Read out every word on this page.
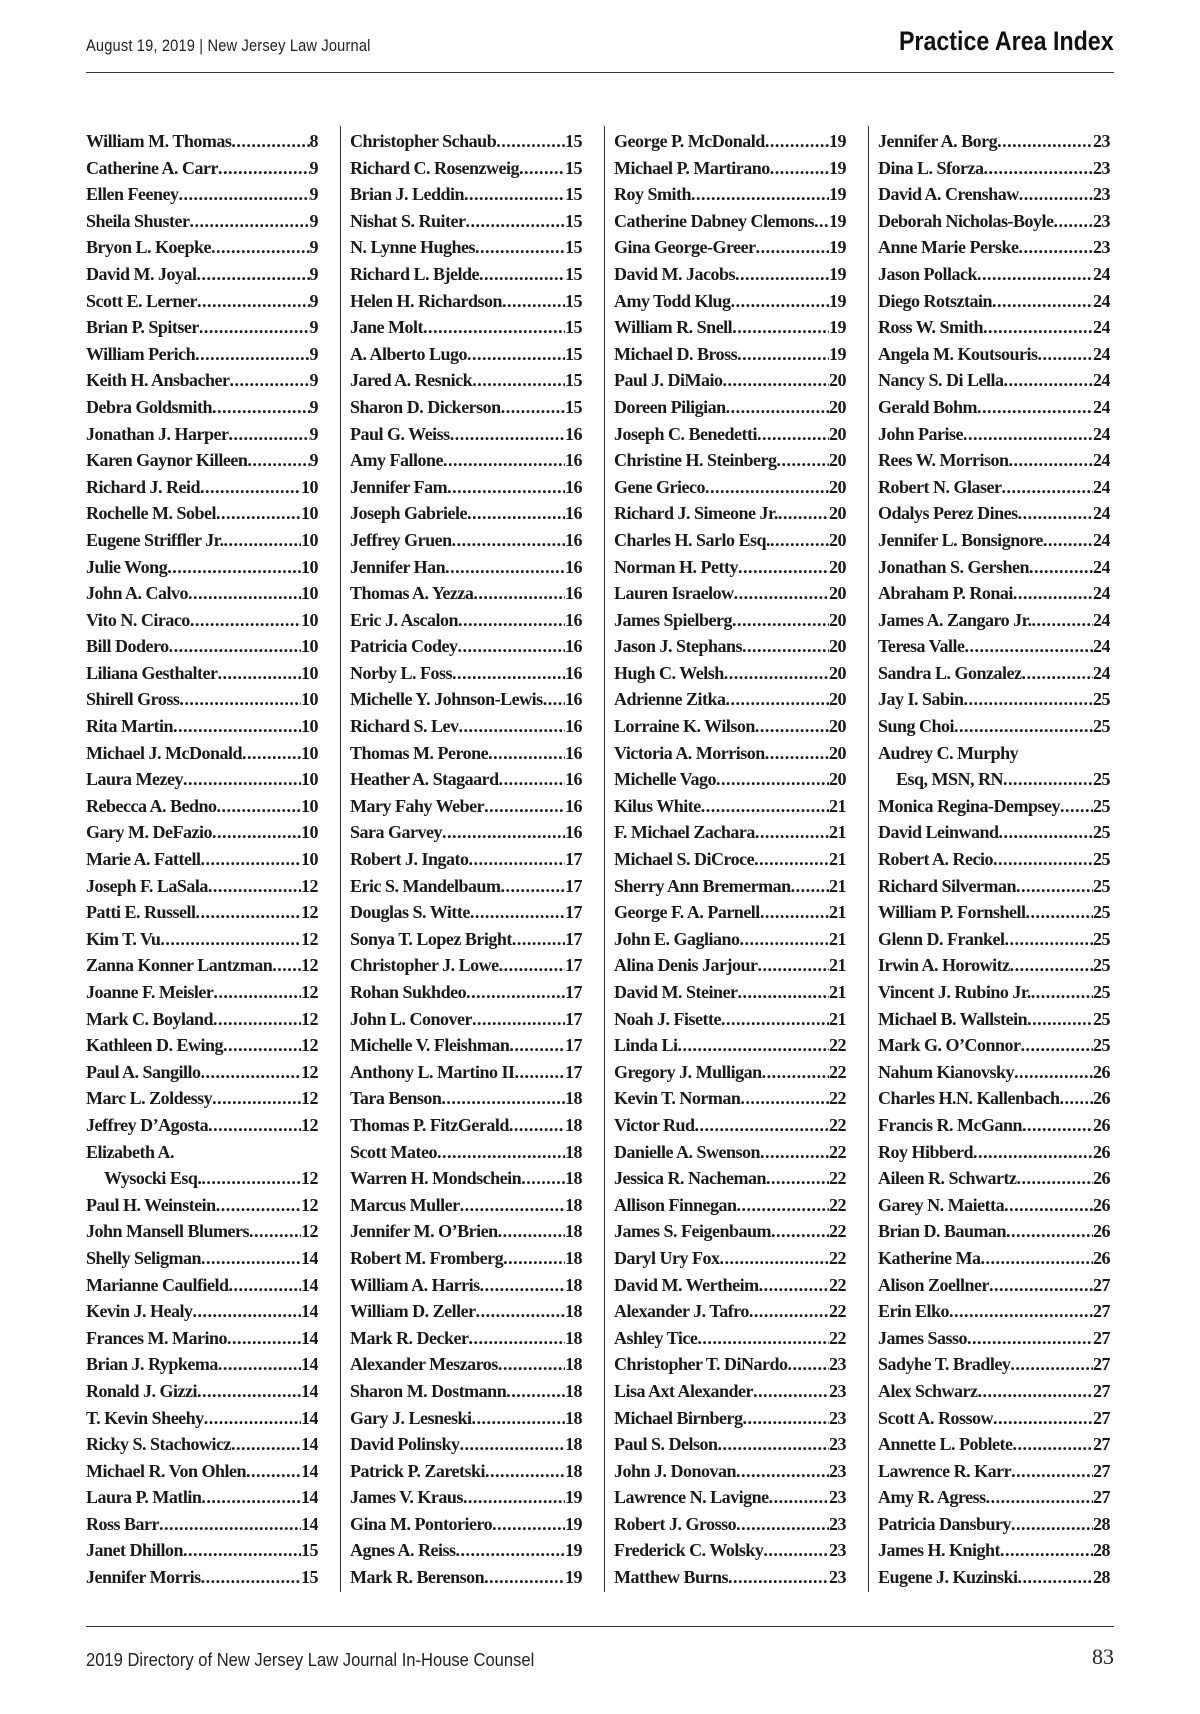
August 19, 2019 | New Jersey Law Journal	Practice Area Index
William M. Thomas .....	8
Catherine A. Carr .....	9
Ellen Feeney .....	9
Sheila Shuster .....	9
Bryon L. Koepke .....	9
David M. Joyal .....	9
Scott E. Lerner .....	9
Brian P. Spitser .....	9
William Perich .....	9
Keith H. Ansbacher .....	9
Debra Goldsmith .....	9
Jonathan J. Harper .....	9
Karen Gaynor Killeen .....	9
Richard J. Reid .....	10
Rochelle M. Sobel .....	10
Eugene Striffler Jr. .....	10
Julie Wong .....	10
John A. Calvo .....	10
Vito N. Ciraco .....	10
Bill Dodero .....	10
Liliana Gesthalter .....	10
Shirell Gross .....	10
Rita Martin .....	10
Michael J. McDonald .....	10
Laura Mezey .....	10
Rebecca A. Bedno .....	10
Gary M. DeFazio .....	10
Marie A. Fattell .....	10
Joseph F. LaSala .....	12
Patti E. Russell .....	12
Kim T. Vu .....	12
Zanna Konner Lantzman ..... 12
Joanne F. Meisler .....	12
Mark C. Boyland .....	12
Kathleen D. Ewing .....	12
Paul A. Sangillo .....	12
Marc L. Zoldessy .....	12
Jeffrey D’Agosta .....	12
Elizabeth A.
Wysocki Esq. .....	12
Paul H. Weinstein .....	12
John Mansell Blumers .....	12
Shelly Seligman .....	14
Marianne Caulfield .....	14
Kevin J. Healy .....	14
Frances M. Marino .....	14
Brian J. Rypkema .....	14
Ronald J. Gizzi .....	14
T. Kevin Sheehy .....	14
Ricky S. Stachowicz .....	14
Michael R. Von Ohlen .....	14
Laura P. Matlin .....	14
Ross Barr .....	14
Janet Dhillon .....	15
Jennifer Morris .....	15
Christopher Schaub .....	15
Richard C. Rosenzweig .....	15
Brian J. Leddin .....	15
Nishat S. Ruiter .....	15
N. Lynne Hughes .....	15
Richard L. Bjelde .....	15
Helen H. Richardson .....	15
Jane Molt .....	15
A. Alberto Lugo .....	15
Jared A. Resnick .....	15
Sharon D. Dickerson .....	15
Paul G. Weiss .....	16
Amy Fallone .....	16
Jennifer Fam .....	16
Joseph Gabriele .....	16
Jeffrey Gruen .....	16
Jennifer Han .....	16
Thomas A. Yezza .....	16
Eric J. Ascalon .....	16
Patricia Codey .....	16
Norby L. Foss .....	16
Michelle Y. Johnson-Lewis ..... 16
Richard S. Lev .....	16
Thomas M. Perone .....	16
Heather A. Stagaard .....	16
Mary Fahy Weber .....	16
Sara Garvey .....	16
Robert J. Ingato .....	17
Eric S. Mandelbaum .....	17
Douglas S. Witte .....	17
Sonya T. Lopez Bright .....	17
Christopher J. Lowe .....	17
Rohan Sukhdeo .....	17
John L. Conover .....	17
Michelle V. Fleishman .....	17
Anthony L. Martino II .....	17
Tara Benson .....	18
Thomas P. FitzGerald .....	18
Scott Mateo .....	18
Warren H. Mondschein ..... 18
Marcus Muller .....	18
Jennifer M. O’Brien .....	18
Robert M. Fromberg .....	18
William A. Harris .....	18
William D. Zeller .....	18
Mark R. Decker .....	18
Alexander Meszaros .....	18
Sharon M. Dostmann .....	18
Gary J. Lesneski .....	18
David Polinsky .....	18
Patrick P. Zaretski .....	18
James V. Kraus .....	19
Gina M. Pontoriero .....	19
Agnes A. Reiss .....	19
Mark R. Berenson .....	19
George P. McDonald .....	19
Michael P. Martirano .....	19
Roy Smith .....	19
Catherine Dabney Clemons ..... 19
Gina George-Greer .....	19
David M. Jacobs .....	19
Amy Todd Klug .....	19
William R. Snell .....	19
Michael D. Bross .....	19
Paul J. DiMaio .....	20
Doreen Piligian .....	20
Joseph C. Benedetti .....	20
Christine H. Steinberg .....	20
Gene Grieco .....	20
Richard J. Simeone Jr. .....	20
Charles H. Sarlo Esq. .....	20
Norman H. Petty .....	20
Lauren Israelow .....	20
James Spielberg .....	20
Jason J. Stephans .....	20
Hugh C. Welsh .....	20
Adrienne Zitka .....	20
Lorraine K. Wilson .....	20
Victoria A. Morrison .....	20
Michelle Vago .....	20
Kilus White .....	21
F. Michael Zachara .....	21
Michael S. DiCroce .....	21
Sherry Ann Bremerman ..... 21
George F. A. Parnell .....	21
John E. Gagliano .....	21
Alina Denis Jarjour .....	21
David M. Steiner .....	21
Noah J. Fisette .....	21
Linda Li .....	22
Gregory J. Mulligan .....	22
Kevin T. Norman .....	22
Victor Rud .....	22
Danielle A. Swenson .....	22
Jessica R. Nacheman .....	22
Allison Finnegan .....	22
James S. Feigenbaum .....	22
Daryl Ury Fox .....	22
David M. Wertheim .....	22
Alexander J. Tafro .....	22
Ashley Tice .....	22
Christopher T. DiNardo ..... 23
Lisa Axt Alexander .....	23
Michael Birnberg .....	23
Paul S. Delson .....	23
John J. Donovan .....	23
Lawrence N. Lavigne .....	23
Robert J. Grosso .....	23
Frederick C. Wolsky .....	23
Matthew Burns .....	23
Jennifer A. Borg .....	23
Dina L. Sforza .....	23
David A. Crenshaw .....	23
Deborah Nicholas-Boyle ..... 23
Anne Marie Perske .....	23
Jason Pollack .....	24
Diego Rotsztain .....	24
Ross W. Smith .....	24
Angela M. Koutsouris .....	24
Nancy S. Di Lella .....	24
Gerald Bohm .....	24
John Parise .....	24
Rees W. Morrison .....	24
Robert N. Glaser .....	24
Odalys Perez Dines .....	24
Jennifer L. Bonsignore .....	24
Jonathan S. Gershen .....	24
Abraham P. Ronai .....	24
James A. Zangaro Jr. .....	24
Teresa Valle .....	24
Sandra L. Gonzalez .....	24
Jay I. Sabin .....	25
Sung Choi .....	25
Audrey C. Murphy
Esq, MSN, RN .....	25
Monica Regina-Dempsey ..... 25
David Leinwand .....	25
Robert A. Recio .....	25
Richard Silverman .....	25
William P. Fornshell .....	25
Glenn D. Frankel .....	25
Irwin A. Horowitz .....	25
Vincent J. Rubino Jr. .....	25
Michael B. Wallstein .....	25
Mark G. O’Connor .....	25
Nahum Kianovsky .....	26
Charles H.N. Kallenbach ..... 26
Francis R. McGann .....	26
Roy Hibberd .....	26
Aileen R. Schwartz .....	26
Garey N. Maietta .....	26
Brian D. Bauman .....	26
Katherine Ma .....	26
Alison Zoellner .....	27
Erin Elko .....	27
James Sasso .....	27
Sadyhe T. Bradley .....	27
Alex Schwarz .....	27
Scott A. Rossow .....	27
Annette L. Poblete .....	27
Lawrence R. Karr .....	27
Amy R. Agress .....	27
Patricia Dansbury .....	28
James H. Knight .....	28
Eugene J. Kuzinski .....	28
2019 Directory of New Jersey Law Journal In-House Counsel	83
